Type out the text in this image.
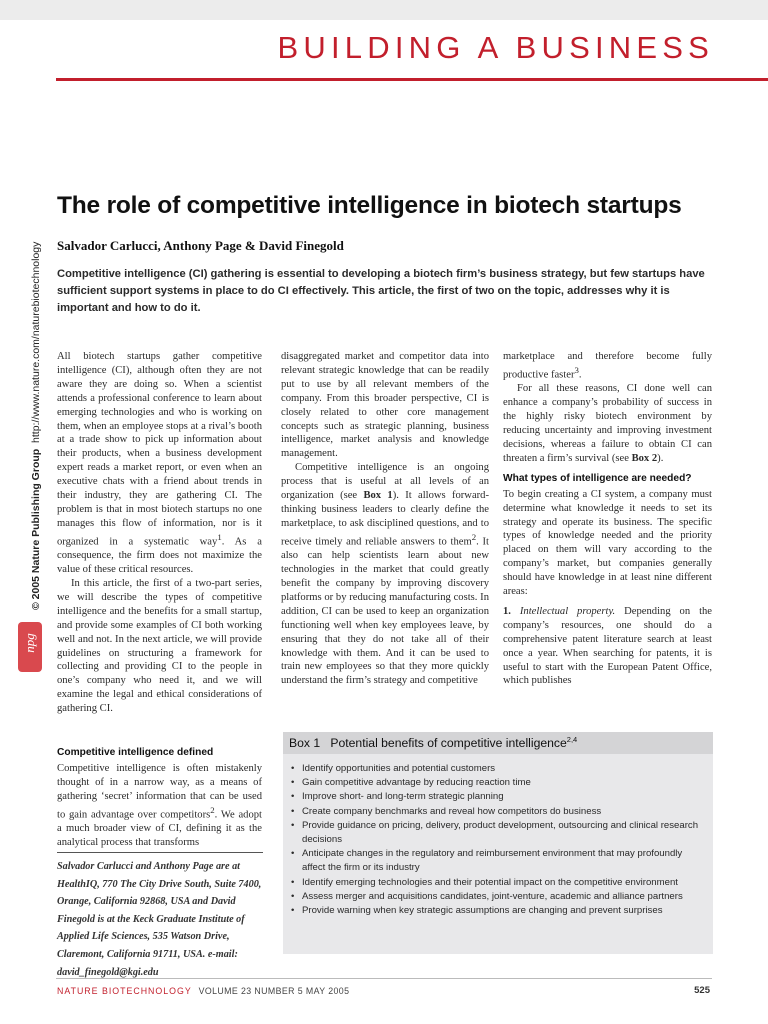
BUILDING A BUSINESS
© 2005 Nature Publishing Group  http://www.nature.com/naturebiotechnology
npg
The role of competitive intelligence in biotech startups
Salvador Carlucci, Anthony Page & David Finegold
Competitive intelligence (CI) gathering is essential to developing a biotech firm’s business strategy, but few startups have sufficient support systems in place to do CI effectively. This article, the first of two on the topic, addresses why it is important and how to do it.

All biotech startups gather competitive intelligence (CI), although often they are not aware they are doing so. When a scientist attends a professional conference to learn about emerging technologies and who is working on them, when an employee stops at a rival’s booth at a trade show to pick up information about their products, when a business development expert reads a market report, or even when an executive chats with a friend about trends in their industry, they are gathering CI. The problem is that in most biotech startups no one manages this flow of information, nor is it organized in a systematic way$^1$. As a consequence, the firm does not maximize the value of these critical resources.

In this article, the first of a two-part series, we will describe the types of competitive intelligence and the benefits for a small startup, and provide some examples of CI both working well and not. In the next article, we will provide guidelines on structuring a framework for collecting and providing CI to the people in one’s company who need it, and we will examine the legal and ethical considerations of gathering CI.

Competitive intelligence defined

Competitive intelligence is often mistakenly thought of in a narrow way, as a means of gathering ‘secret’ information that can be used to gain advantage over competitors$^2$. We adopt a much broader view of CI, defining it as the analytical process that transforms

Salvador Carlucci and Anthony Page are at HealthIQ, 770 The City Drive South, Suite 7400, Orange, California 92868, USA and David Finegold is at the Keck Graduate Institute of Applied Life Sciences, 535 Watson Drive, Claremont, California 91711, USA. e-mail: david_finegold@kgi.edu

disaggregated market and competitor data into relevant strategic knowledge that can be readily put to use by all relevant members of the company. From this broader perspective, CI is closely related to other core management concepts such as strategic planning, business intelligence, market analysis and knowledge management.

Competitive intelligence is an ongoing process that is useful at all levels of an organization (see Box 1). It allows forward-thinking business leaders to clearly define the marketplace, to ask disciplined questions, and to receive timely and reliable answers to them$^2$. It also can help scientists learn about new technologies in the market that could greatly benefit the company by improving discovery platforms or by reducing manufacturing costs. In addition, CI can be used to keep an organization functioning well when key employees leave, by ensuring that they do not take all of their knowledge with them. And it can be used to train new employees so that they more quickly understand the firm’s strategy and competitive

marketplace and therefore become fully productive faster$^3$.

For all these reasons, CI done well can enhance a company’s probability of success in the highly risky biotech environment by reducing uncertainty and improving investment decisions, whereas a failure to obtain CI can threaten a firm’s survival (see Box 2).

What types of intelligence are needed?

To begin creating a CI system, a company must determine what knowledge it needs to set its strategy and operate its business. The specific types of knowledge needed and the priority placed on them will vary according to the company’s market, but companies generally should have knowledge in at least nine different areas:

1. Intellectual property. Depending on the company’s resources, one should do a comprehensive patent literature search at least once a year. When searching for patents, it is useful to start with the European Patent Office, which publishes

• Identify opportunities and potential customers
• Gain competitive advantage by reducing reaction time
• Improve short- and long-term strategic planning
• Create company benchmarks and reveal how competitors do business
• Provide guidance on pricing, delivery, product development, outsourcing and clinical research decisions
• Anticipate changes in the regulatory and reimbursement environment that may profoundly affect the firm or its industry
• Identify emerging technologies and their potential impact on the competitive environment
• Assess merger and acquisitions candidates, joint-venture, academic and alliance partners
• Provide warning when key strategic assumptions are changing and prevent surprises
Box 1 Potential benefits of competitive intelligence$^{2,4}$
NATURE BIOTECHNOLOGY VOLUME 23 NUMBER 5 MAY 2005	525
